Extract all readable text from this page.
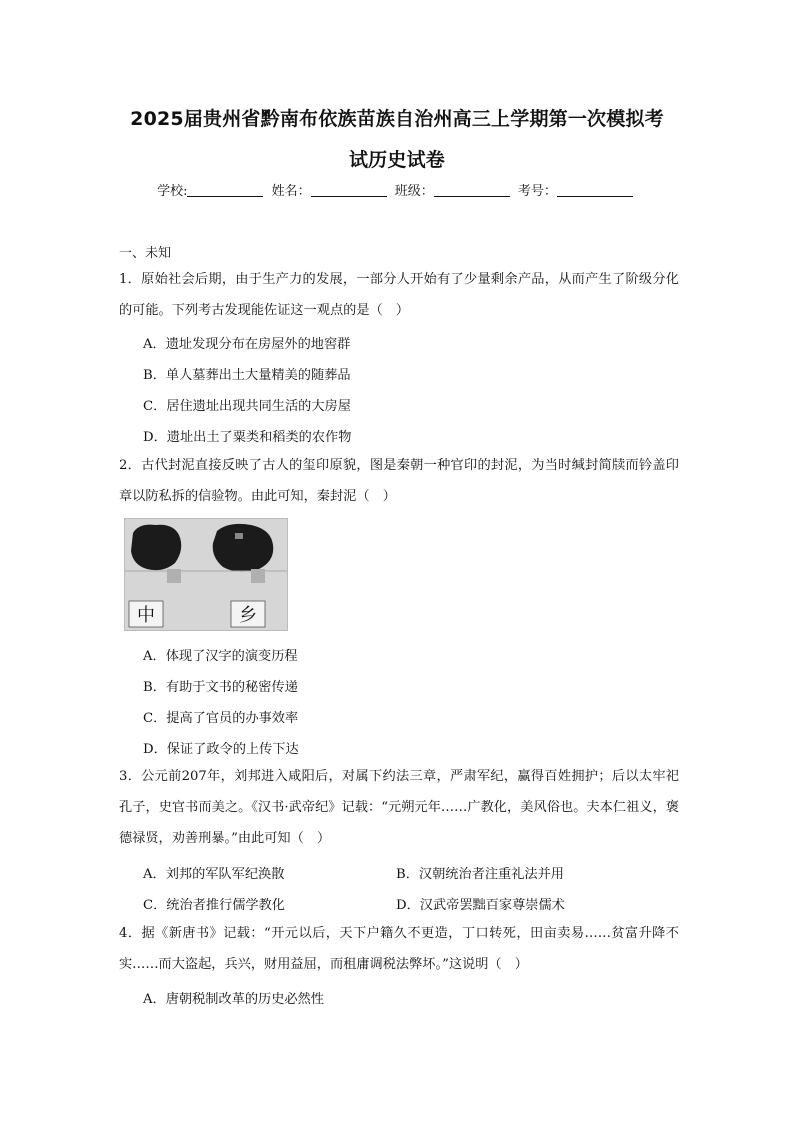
2025届贵州省黔南布依族苗族自治州高三上学期第一次模拟考
试历史试卷
学校:	姓名：	班级：	考号：
一、未知
1．原始社会后期，由于生产力的发展，一部分人开始有了少量剩余产品，从而产生了阶级分化的可能。下列考古发现能佐证这一观点的是（　）
A．遗址发现分布在房屋外的地窖群
B．单人墓葬出土大量精美的随葬品
C．居住遗址出现共同生活的大房屋
D．遗址出土了粟类和稻类的农作物
2．古代封泥直接反映了古人的玺印原貌，图是秦朝一种官印的封泥，为当时缄封简牍而钤盖印章以防私拆的信验物。由此可知，秦封泥（　）
中	乡
A．体现了汉字的演变历程
B．有助于文书的秘密传递
C．提高了官员的办事效率
D．保证了政令的上传下达
3．公元前207年，刘邦进入咸阳后，对属下约法三章，严肃军纪，赢得百姓拥护；后以太牢祀孔子，史官书而美之。《汉书·武帝纪》记载：“元朔元年……广教化，美风俗也。夫本仁祖义，褒德禄贤，劝善刑暴。”由此可知（　）
A．刘邦的军队军纪涣散	B．汉朝统治者注重礼法并用
C．统治者推行儒学教化	D．汉武帝罢黜百家尊崇儒术
4．据《新唐书》记载：“开元以后，天下户籍久不更造，丁口转死，田亩卖易……贫富升降不实……而大盗起，兵兴，财用益屈，而租庸调税法弊坏。”这说明（　）
A．唐朝税制改革的历史必然性
